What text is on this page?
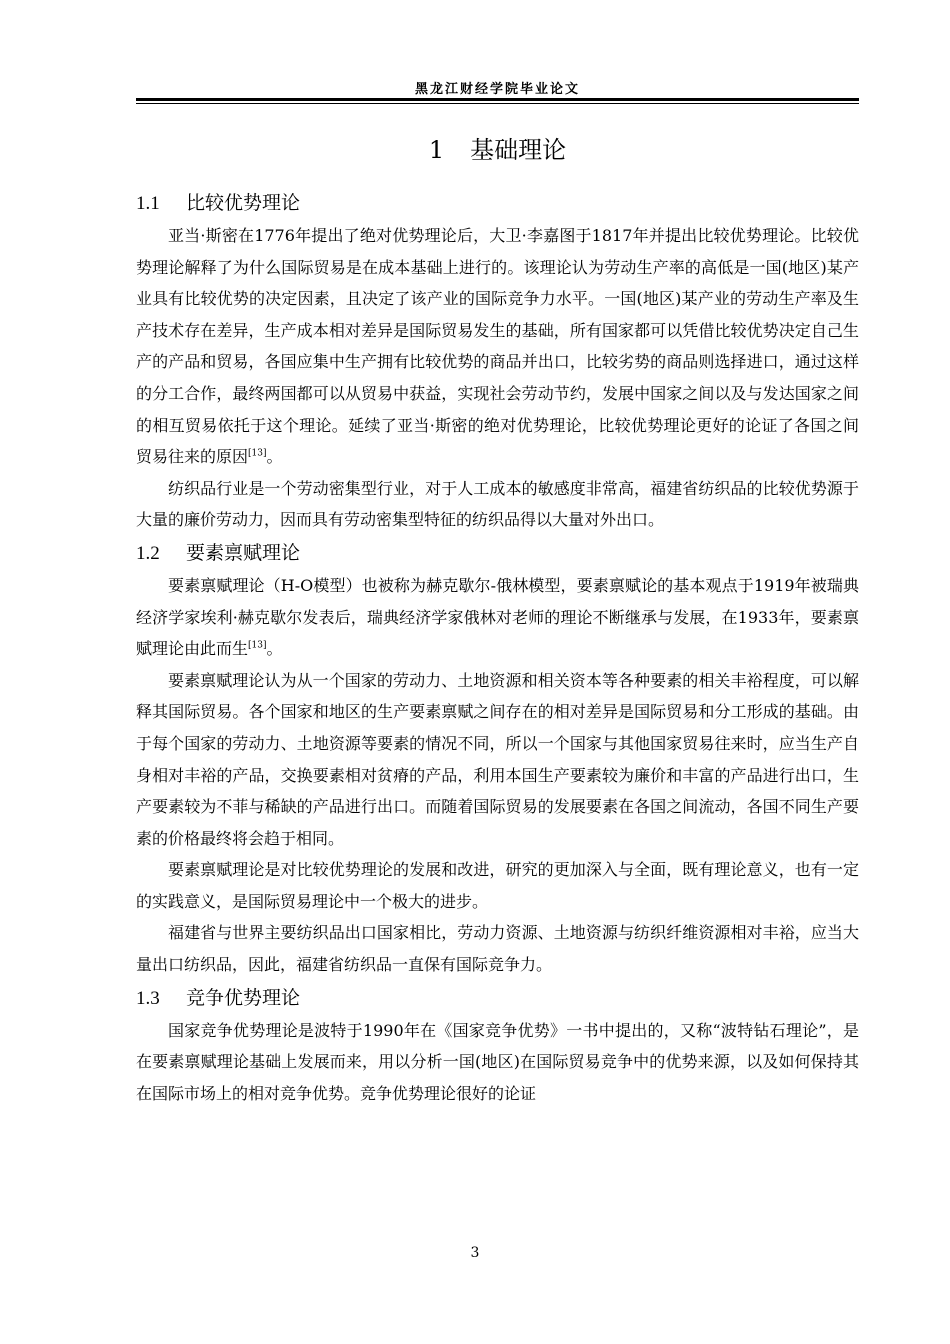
黑龙江财经学院毕业论文
1 基础理论
1.1 比较优势理论

亚当·斯密在1776年提出了绝对优势理论后，大卫·李嘉图于1817年并提出比较优势理论。比较优势理论解释了为什么国际贸易是在成本基础上进行的。该理论认为劳动生产率的高低是一国(地区)某产业具有比较优势的决定因素，且决定了该产业的国际竞争力水平。一国(地区)某产业的劳动生产率及生产技术存在差异，生产成本相对差异是国际贸易发生的基础，所有国家都可以凭借比较优势决定自己生产的产品和贸易，各国应集中生产拥有比较优势的商品并出口，比较劣势的商品则选择进口，通过这样的分工合作，最终两国都可以从贸易中获益，实现社会劳动节约，发展中国家之间以及与发达国家之间的相互贸易依托于这个理论。延续了亚当·斯密的绝对优势理论，比较优势理论更好的论证了各国之间贸易往来的原因[13]。

纺织品行业是一个劳动密集型行业，对于人工成本的敏感度非常高，福建省纺织品的比较优势源于大量的廉价劳动力，因而具有劳动密集型特征的纺织品得以大量对外出口。

1.2 要素禀赋理论

要素禀赋理论（H-O模型）也被称为赫克歇尔-俄林模型，要素禀赋论的基本观点于1919年被瑞典经济学家埃利·赫克歇尔发表后，瑞典经济学家俄林对老师的理论不断继承与发展，在1933年，要素禀赋理论由此而生[13]。

要素禀赋理论认为从一个国家的劳动力、土地资源和相关资本等各种要素的相关丰裕程度，可以解释其国际贸易。各个国家和地区的生产要素禀赋之间存在的相对差异是国际贸易和分工形成的基础。由于每个国家的劳动力、土地资源等要素的情况不同，所以一个国家与其他国家贸易往来时，应当生产自身相对丰裕的产品，交换要素相对贫瘠的产品，利用本国生产要素较为廉价和丰富的产品进行出口，生产要素较为不菲与稀缺的产品进行出口。而随着国际贸易的发展要素在各国之间流动，各国不同生产要素的价格最终将会趋于相同。

要素禀赋理论是对比较优势理论的发展和改进，研究的更加深入与全面，既有理论意义，也有一定的实践意义，是国际贸易理论中一个极大的进步。

福建省与世界主要纺织品出口国家相比，劳动力资源、土地资源与纺织纤维资源相对丰裕，应当大量出口纺织品，因此，福建省纺织品一直保有国际竞争力。

1.3 竞争优势理论

国家竞争优势理论是波特于1990年在《国家竞争优势》一书中提出的，又称“波特钻石理论”，是在要素禀赋理论基础上发展而来，用以分析一国(地区)在国际贸易竞争中的优势来源，以及如何保持其在国际市场上的相对竞争优势。竞争优势理论很好的论证

3
